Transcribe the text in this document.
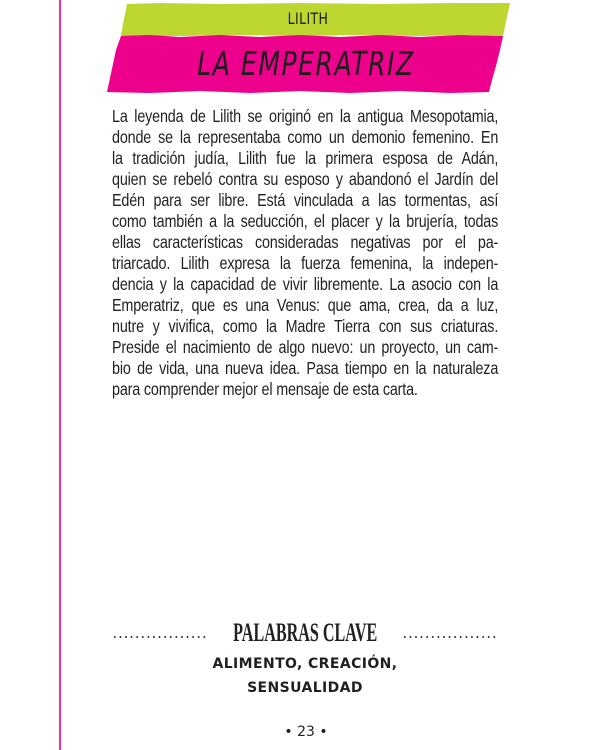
LILITH
LA EMPERATRIZ
La leyenda de Lilith se originó en la antigua Mesopotamia,
donde se la representaba como un demonio femenino. En
la tradición judía, Lilith fue la primera esposa de Adán,
quien se rebeló contra su esposo y abandonó el Jardín del
Edén para ser libre. Está vinculada a las tormentas, así
como también a la seducción, el placer y la brujería, todas
ellas características consideradas negativas por el pa-
triarcado. Lilith expresa la fuerza femenina, la indepen-
dencia y la capacidad de vivir libremente. La asocio con la
Emperatriz, que es una Venus: que ama, crea, da a luz,
nutre y vivifica, como la Madre Tierra con sus criaturas.
Preside el nacimiento de algo nuevo: un proyecto, un cam-
bio de vida, una nueva idea. Pasa tiempo en la naturaleza
para comprender mejor el mensaje de esta carta.
PALABRAS CLAVE
ALIMENTO, CREACIÓN,
SENSUALIDAD
• 23 •
